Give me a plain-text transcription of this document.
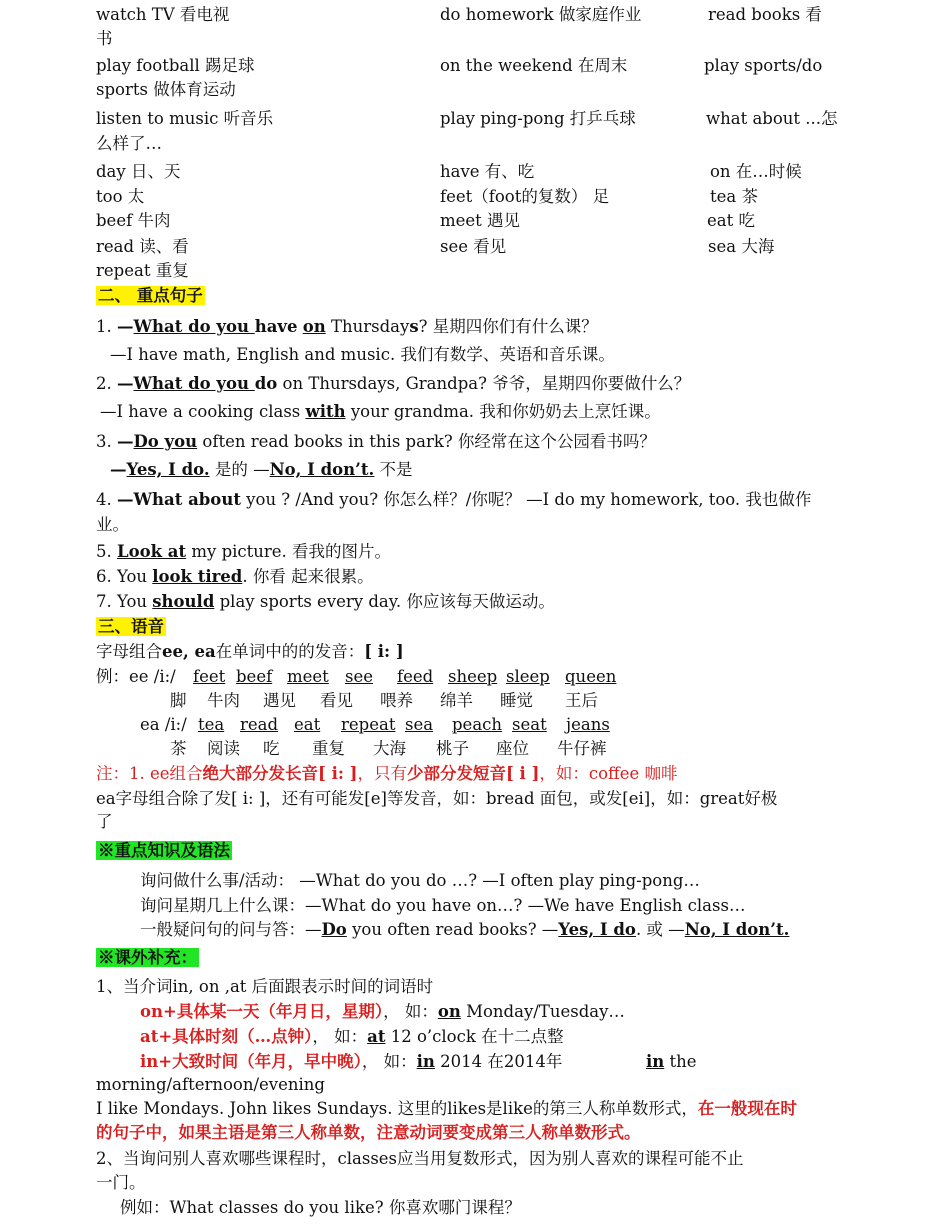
watch TV 看电视	do homework 做家庭作业	read books 看
书
play football 踢足球	on the weekend 在周末	play sports/do
sports 做体育运动
listen to music 听音乐	play ping-pong 打乒乓球	what about ...怎
么样了…
day 日、天	have 有、吃	on 在…时候
too 太	feet（foot的复数） 足	tea 茶
beef 牛肉	meet 遇见	eat 吃
read 读、看	see 看见	sea 大海
repeat 重复
二、 重点句子
1. —What do you have on Thursdays? 星期四你们有什么课？
—I have math, English and music. 我们有数学、英语和音乐课。
2. —What do you do on Thursdays, Grandpa? 爷爷，星期四你要做什么？
—I have a cooking class with your grandma. 我和你奶奶去上烹饪课。
3. —Do you often read books in this park? 你经常在这个公园看书吗？
—Yes, I do. 是的 —No, I don’t. 不是
4. —What about you ? /And you? 你怎么样？/你呢？ —I do my homework, too. 我也做作
业。
5. Look at my picture. 看我的图片。
6. You look tired. 你看 起来很累。
7. You should play sports every day. 你应该每天做运动。
三、语音
字母组合ee, ea在单词中的的发音：[ i: ]
例：ee /i:/ feet beef meet see feed sheep sleep queen
脚 牛肉 遇见 看见 喂养 绵羊 睡觉 王后
ea /i:/ tea read eat repeat sea peach seat jeans
茶 阅读 吃 重复 大海 桃子 座位 牛仔裤
注：1. ee组合绝大部分发长音[ i: ]，只有少部分发短音[ i ]，如：coffee 咖啡
ea字母组合除了发[ i: ]，还有可能发[e]等发音，如：bread 面包，或发[ei]，如：great好极
了
※重点知识及语法
询问做什么事/活动： —What do you do …? —I often play ping-pong…
询问星期几上什么课：—What do you have on…? —We have English class…
一般疑问句的问与答：—Do you often read books? —Yes, I do. 或 —No, I don’t.
※课外补充：
1、当介词in, on ,at 后面跟表示时间的词语时
on+具体某一天（年月日，星期）， 如：on Monday/Tuesday…
at+具体时刻（…点钟）， 如：at 12 o’clock 在十二点整
in+大致时间（年月，早中晚）， 如：in 2014 在2014年	in the
morning/afternoon/evening
I like Mondays. John likes Sundays. 这里的likes是like的第三人称单数形式，在一般现在时
的句子中，如果主语是第三人称单数，注意动词要变成第三人称单数形式。
2、当询问别人喜欢哪些课程时，classes应当用复数形式，因为别人喜欢的课程可能不止
一门。
例如：What classes do you like? 你喜欢哪门课程？
